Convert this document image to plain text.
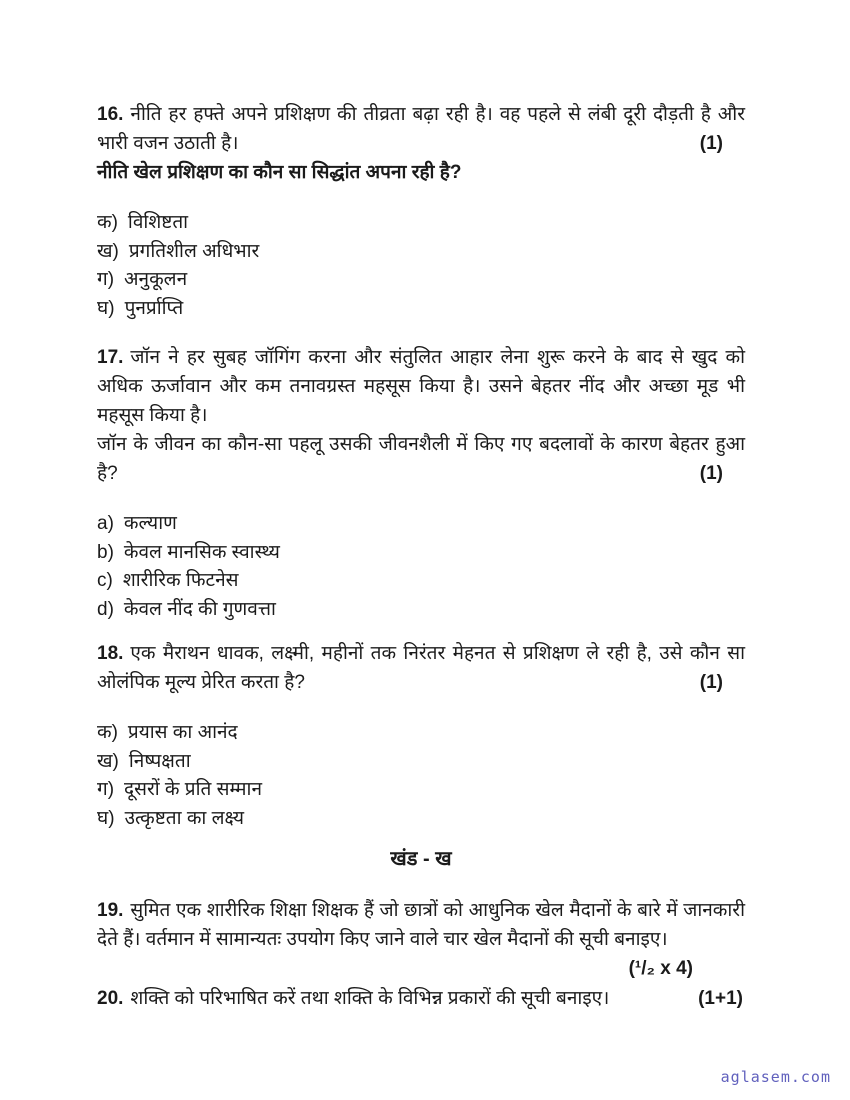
16. नीति हर हफ्ते अपने प्रशिक्षण की तीव्रता बढ़ा रही है। वह पहले से लंबी दूरी दौड़ती है और भारी वजन उठाती है।	(1)

नीति खेल प्रशिक्षण का कौन सा सिद्धांत अपना रही है?

क) विशिष्टता

ख) प्रगतिशील अधिभार

ग) अनुकूलन

घ) पुनर्प्राप्ति

17. जॉन ने हर सुबह जॉगिंग करना और संतुलित आहार लेना शुरू करने के बाद से खुद को अधिक ऊर्जावान और कम तनावग्रस्त महसूस किया है। उसने बेहतर नींद और अच्छा मूड भी महसूस किया है।

जॉन के जीवन का कौन-सा पहलू उसकी जीवनशैली में किए गए बदलावों के कारण बेहतर हुआ है?	(1)

a) कल्याण

b) केवल मानसिक स्वास्थ्य

c) शारीरिक फिटनेस

d) केवल नींद की गुणवत्ता

18. एक मैराथन धावक, लक्ष्मी, महीनों तक निरंतर मेहनत से प्रशिक्षण ले रही है, उसे कौन सा ओलंपिक मूल्य प्रेरित करता है?	(1)

क) प्रयास का आनंद

ख) निष्पक्षता

ग) दूसरों के प्रति सम्मान

घ) उत्कृष्टता का लक्ष्य

खंड - ख

19. सुमित एक शारीरिक शिक्षा शिक्षक हैं जो छात्रों को आधुनिक खेल मैदानों के बारे में जानकारी देते हैं। वर्तमान में सामान्यतः उपयोग किए जाने वाले चार खेल मैदानों की सूची बनाइए।

(¹/₂ x 4)

20. शक्ति को परिभाषित करें तथा शक्ति के विभिन्न प्रकारों की सूची बनाइए।	(1+1)

aglasem.com
